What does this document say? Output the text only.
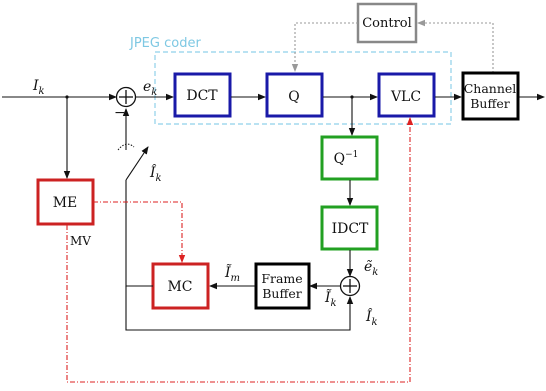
JPEG coder
Control
$I_k$
−
$e_k$ DCT	Q	VLC
Channel
Buffer
$Q^{-1}$
IDCT
ẽ$_k$
$Ĩ_k$
Frame
Buffer
$Ĩ_m$
MC
$Î_k$
$Î_k$
ME
MV
